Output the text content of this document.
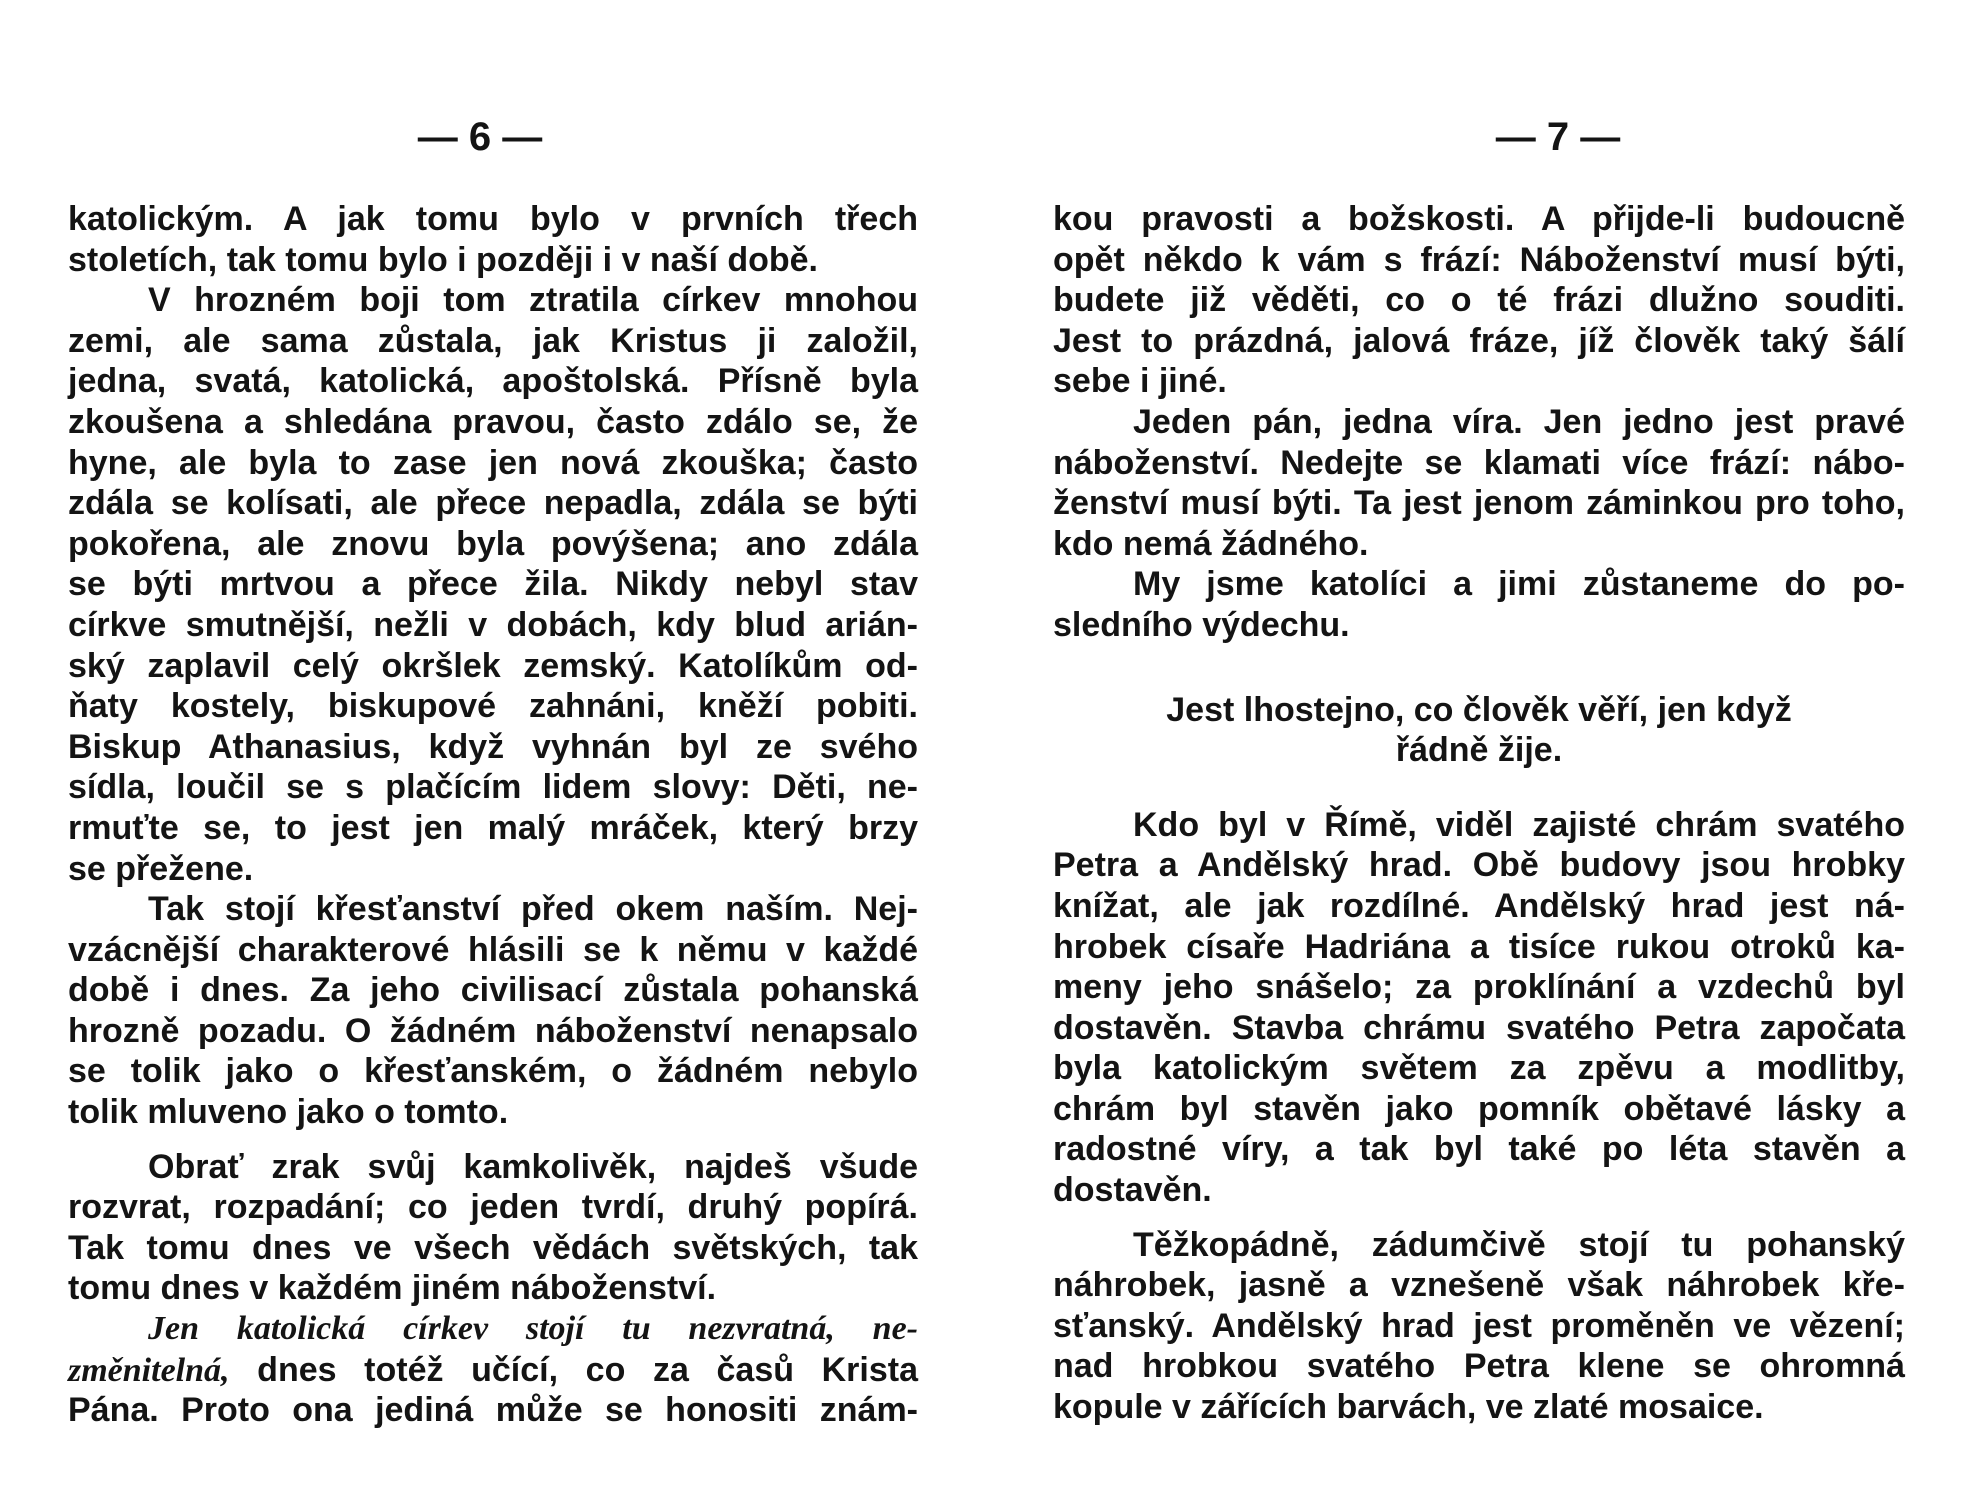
— 6 —
katolickým. A jak tomu bylo v prvních třech
stoletích, tak tomu bylo i později i v naší době.
V hrozném boji tom ztratila církev mnohou
zemi, ale sama zůstala, jak Kristus ji založil,
jedna, svatá, katolická, apoštolská. Přísně byla
zkoušena a shledána pravou, často zdálo se, že
hyne, ale byla to zase jen nová zkouška; často
zdála se kolísati, ale přece nepadla, zdála se býti
pokořena, ale znovu byla povýšena; ano zdála
se býti mrtvou a přece žila. Nikdy nebyl stav
církve smutnější, nežli v dobách, kdy blud arián-
ský zaplavil celý okršlek zemský. Katolíkům od-
ňaty kostely, biskupové zahnáni, kněží pobiti.
Biskup Athanasius, když vyhnán byl ze svého
sídla, loučil se s plačícím lidem slovy: Děti, ne-
rmuťte se, to jest jen malý mráček, který brzy
se přežene.
Tak stojí křesťanství před okem naším. Nej-
vzácnější charakterové hlásili se k němu v každé
době i dnes. Za jeho civilisací zůstala pohanská
hrozně pozadu. O žádném náboženství nenapsalo
se tolik jako o křesťanském, o žádném nebylo
tolik mluveno jako o tomto.
Obrať zrak svůj kamkolivěk, najdeš všude
rozvrat, rozpadání; co jeden tvrdí, druhý popírá.
Tak tomu dnes ve všech vědách světských, tak
tomu dnes v každém jiném náboženství.
Jen katolická církev stojí tu nezvratná, ne-
změnitelná, dnes totéž učící, co za časů Krista
Pána. Proto ona jediná může se honositi znám-
— 7 —
kou pravosti a božskosti. A přijde-li budoucně
opět někdo k vám s frází: Náboženství musí býti,
budete již věděti, co o té frázi dlužno souditi.
Jest to prázdná, jalová fráze, jíž člověk taký šálí
sebe i jiné.
Jeden pán, jedna víra. Jen jedno jest pravé
náboženství. Nedejte se klamati více frází: nábo-
ženství musí býti. Ta jest jenom záminkou pro toho,
kdo nemá žádného.
My jsme katolíci a jimi zůstaneme do po-
sledního výdechu.
Jest lhostejno, co člověk věří, jen když
řádně žije.
Kdo byl v Římě, viděl zajisté chrám svatého
Petra a Andělský hrad. Obě budovy jsou hrobky
knížat, ale jak rozdílné. Andělský hrad jest ná-
hrobek císaře Hadriána a tisíce rukou otroků ka-
meny jeho snášelo; za proklínání a vzdechů byl
dostavěn. Stavba chrámu svatého Petra započata
byla katolickým světem za zpěvu a modlitby,
chrám byl stavěn jako pomník obětavé lásky a
radostné víry, a tak byl také po léta stavěn a
dostavěn.
Těžkopádně, zádumčivě stojí tu pohanský
náhrobek, jasně a vznešeně však náhrobek kře-
sťanský. Andělský hrad jest proměněn ve vězení;
nad hrobkou svatého Petra klene se ohromná
kopule v zářících barvách, ve zlaté mosaice.
